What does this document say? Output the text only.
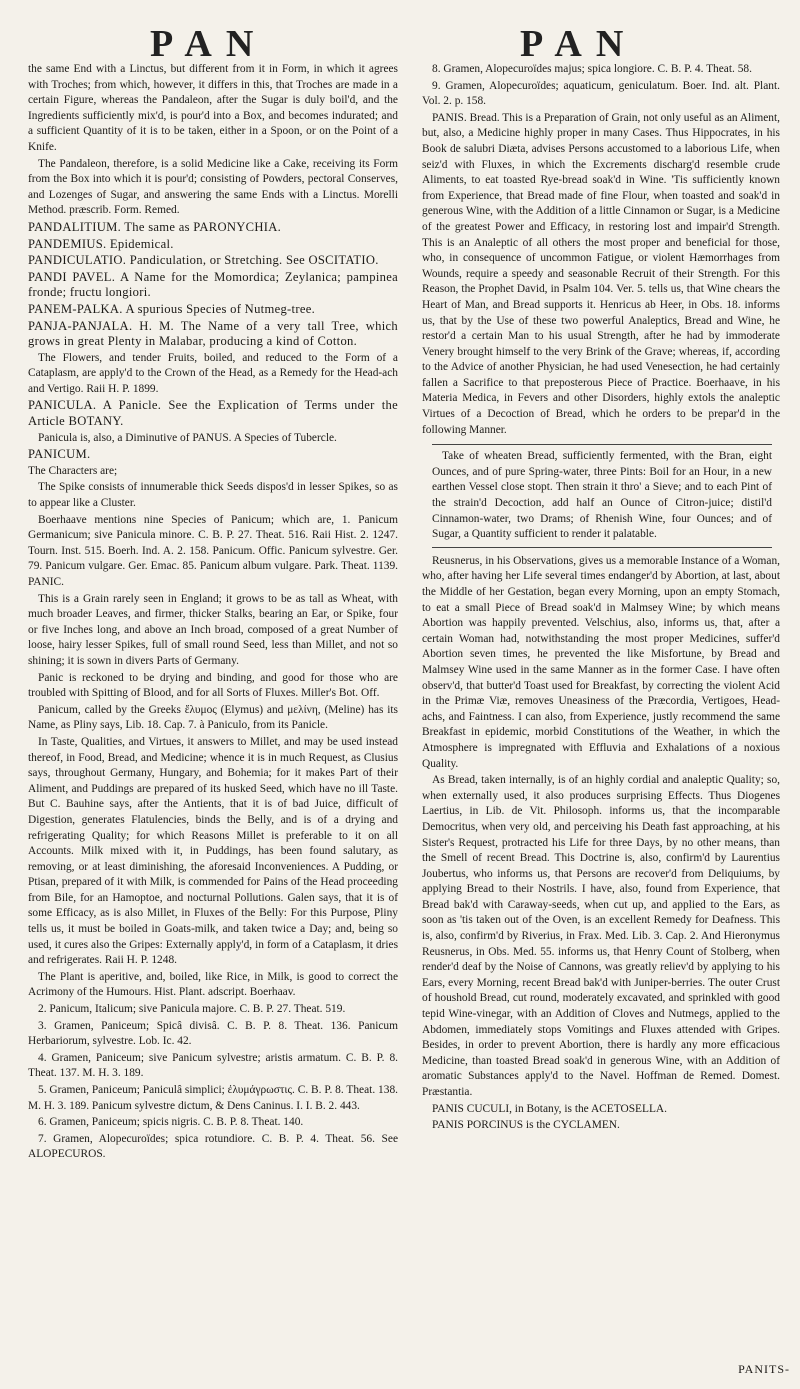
PAN	PAN

the same End with a Linctus, but different from it in Form, in which it agrees with Troches; from which, however, it differs in this, that Troches are made in a certain Figure, whereas the Pandaleon, after the Sugar is duly boil'd, and the Ingredients sufficiently mix'd, is pour'd into a Box, and becomes indurated; and a sufficient Quantity of it is to be taken, either in a Spoon, or on the Point of a Knife.

The Pandaleon, therefore, is a solid Medicine like a Cake, receiving its Form from the Box into which it is pour'd; consisting of Powders, pectoral Conserves, and Lozenges of Sugar, and answering the same Ends with a Linctus. Morelli Method. præscrib. Form. Remed.

PANDALITIUM. The same as PARONYCHIA.

PANDEMIUS. Epidemical.

PANDICULATIO. Pandiculation, or Stretching. See OSCITATIO.

PANDI PAVEL. A Name for the Momordica; Zeylanica; pampinea fronde; fructu longiori.

PANEM-PALKA. A spurious Species of Nutmeg-tree.

PANJA-PANJALA. H. M. The Name of a very tall Tree, which grows in great Plenty in Malabar, producing a kind of Cotton.

The Flowers, and tender Fruits, boiled, and reduced to the Form of a Cataplasm, are apply'd to the Crown of the Head, as a Remedy for the Head-ach and Vertigo. Raii H. P. 1899.

PANICULA. A Panicle. See the Explication of Terms under the Article BOTANY.

Panicula is, also, a Diminutive of PANUS. A Species of Tubercle.

PANICUM.

The Characters are;

The Spike consists of innumerable thick Seeds dispos'd in lesser Spikes, so as to appear like a Cluster.

Boerhaave mentions nine Species of Panicum; which are, 1. Panicum Germanicum; sive Panicula minore. C. B. P. 27. Theat. 516. Raii Hist. 2. 1247. Tourn. Inst. 515. Boerh. Ind. A. 2. 158. Panicum. Offic. Panicum sylvestre. Ger. 79. Panicum vulgare. Ger. Emac. 85. Panicum album vulgare. Park. Theat. 1139. PANIC.

This is a Grain rarely seen in England; it grows to be as tall as Wheat, with much broader Leaves, and firmer, thicker Stalks, bearing an Ear, or Spike, four or five Inches long, and above an Inch broad, composed of a great Number of loose, hairy lesser Spikes, full of small round Seed, less than Millet, and not so shining; it is sown in divers Parts of Germany.

Panic is reckoned to be drying and binding, and good for those who are troubled with Spitting of Blood, and for all Sorts of Fluxes. Miller's Bot. Off.

Panicum, called by the Greeks ἔλυμος (Elymus) and μελίνη, (Meline) has its Name, as Pliny says, Lib. 18. Cap. 7. à Paniculo, from its Panicle.

In Taste, Qualities, and Virtues, it answers to Millet, and may be used instead thereof, in Food, Bread, and Medicine; whence it is in much Request, as Clusius says, throughout Germany, Hungary, and Bohemia; for it makes Part of their Aliment, and Puddings are prepared of its husked Seed, which have no ill Taste. But C. Bauhine says, after the Antients, that it is of bad Juice, difficult of Digestion, generates Flatulencies, binds the Belly, and is of a drying and refrigerating Quality; for which Reasons Millet is preferable to it on all Accounts. Milk mixed with it, in Puddings, has been found salutary, as removing, or at least diminishing, the aforesaid Inconveniences. A Pudding, or Ptisan, prepared of it with Milk, is commended for Pains of the Head proceeding from Bile, for an Hamoptoe, and nocturnal Pollutions. Galen says, that it is of some Efficacy, as is also Millet, in Fluxes of the Belly: For this Purpose, Pliny tells us, it must be boiled in Goats-milk, and taken twice a Day; and, being so used, it cures also the Gripes: Externally apply'd, in form of a Cataplasm, it dries and refrigerates. Raii H. P. 1248.

The Plant is aperitive, and, boiled, like Rice, in Milk, is good to correct the Acrimony of the Humours. Hist. Plant. adscript. Boerhaav.

2. Panicum, Italicum; sive Panicula majore. C. B. P. 27. Theat. 519.

3. Gramen, Paniceum; Spicâ divisâ. C. B. P. 8. Theat. 136. Panicum Herbariorum, sylvestre. Lob. Ic. 42.

4. Gramen, Paniceum; sive Panicum sylvestre; aristis armatum. C. B. P. 8. Theat. 137. M. H. 3. 189.

5. Gramen, Paniceum; Paniculâ simplici; ἐλυμάγρωστις. C. B. P. 8. Theat. 138. M. H. 3. 189. Panicum sylvestre dictum, & Dens Caninus. I. I. B. 2. 443.

6. Gramen, Paniceum; spicis nigris. C. B. P. 8. Theat. 140.

7. Gramen, Alopecuroïdes; spica rotundiore. C. B. P. 4. Theat. 56. See ALOPECUROS.

8. Gramen, Alopecuroïdes majus; spica longiore. C. B. P. 4. Theat. 58.

9. Gramen, Alopecuroïdes; aquaticum, geniculatum. Boer. Ind. alt. Plant. Vol. 2. p. 158.

PANIS. Bread. This is a Preparation of Grain, not only useful as an Aliment, but, also, a Medicine highly proper in many Cases. Thus Hippocrates, in his Book de salubri Diæta, advises Persons accustomed to a laborious Life, when seiz'd with Fluxes, in which the Excrements discharg'd resemble crude Aliments, to eat toasted Rye-bread soak'd in Wine. 'Tis sufficiently known from Experience, that Bread made of fine Flour, when toasted and soak'd in generous Wine, with the Addition of a little Cinnamon or Sugar, is a Medicine of the greatest Power and Efficacy, in restoring lost and impair'd Strength. This is an Analeptic of all others the most proper and beneficial for those, who, in consequence of uncommon Fatigue, or violent Hæmorrhages from Wounds, require a speedy and seasonable Recruit of their Strength. For this Reason, the Prophet David, in Psalm 104. Ver. 5. tells us, that Wine chears the Heart of Man, and Bread supports it. Henricus ab Heer, in Obs. 18. informs us, that by the Use of these two powerful Analeptics, Bread and Wine, he restor'd a certain Man to his usual Strength, after he had by immoderate Venery brought himself to the very Brink of the Grave; whereas, if, according to the Advice of another Physician, he had used Venesection, he had certainly fallen a Sacrifice to that preposterous Piece of Practice. Boerhaave, in his Materia Medica, in Fevers and other Disorders, highly extols the analeptic Virtues of a Decoction of Bread, which he orders to be prepar'd in the following Manner.

Take of wheaten Bread, sufficiently fermented, with the Bran, eight Ounces, and of pure Spring-water, three Pints: Boil for an Hour, in a new earthen Vessel close stopt. Then strain it thro' a Sieve; and to each Pint of the strain'd Decoction, add half an Ounce of Citron-juice; distil'd Cinnamon-water, two Drams; of Rhenish Wine, four Ounces; and of Sugar, a Quantity sufficient to render it palatable.

Reusnerus, in his Observations, gives us a memorable Instance of a Woman, who, after having her Life several times endanger'd by Abortion, at last, about the Middle of her Gestation, began every Morning, upon an empty Stomach, to eat a small Piece of Bread soak'd in Malmsey Wine; by which means Abortion was happily prevented. Velschius, also, informs us, that, after a certain Woman had, notwithstanding the most proper Medicines, suffer'd Abortion seven times, he prevented the like Misfortune, by Bread and Malmsey Wine used in the same Manner as in the former Case. I have often observ'd, that butter'd Toast used for Breakfast, by correcting the violent Acid in the Primæ Viæ, removes Uneasiness of the Præcordia, Vertigoes, Head-achs, and Faintness. I can also, from Experience, justly recommend the same Breakfast in epidemic, morbid Constitutions of the Weather, in which the Atmosphere is impregnated with Effluvia and Exhalations of a noxious Quality.

As Bread, taken internally, is of an highly cordial and analeptic Quality; so, when externally used, it also produces surprising Effects. Thus Diogenes Laertius, in Lib. de Vit. Philosoph. informs us, that the incomparable Democritus, when very old, and perceiving his Death fast approaching, at his Sister's Request, protracted his Life for three Days, by no other means, than the Smell of recent Bread. This Doctrine is, also, confirm'd by Laurentius Joubertus, who informs us, that Persons are recover'd from Deliquiums, by applying Bread to their Nostrils. I have, also, found from Experience, that Bread bak'd with Caraway-seeds, when cut up, and applied to the Ears, as soon as 'tis taken out of the Oven, is an excellent Remedy for Deafness. This is, also, confirm'd by Riverius, in Frax. Med. Lib. 3. Cap. 2. And Hieronymus Reusnerus, in Obs. Med. 55. informs us, that Henry Count of Stolberg, when render'd deaf by the Noise of Cannons, was greatly reliev'd by applying to his Ears, every Morning, recent Bread bak'd with Juniper-berries. The outer Crust of houshold Bread, cut round, moderately excavated, and sprinkled with good tepid Wine-vinegar, with an Addition of Cloves and Nutmegs, applied to the Abdomen, immediately stops Vomitings and Fluxes attended with Gripes. Besides, in order to prevent Abortion, there is hardly any more efficacious Medicine, than toasted Bread soak'd in generous Wine, with an Addition of aromatic Substances apply'd to the Navel. Hoffman de Remed. Domest. Præstantia.

PANIS CUCULI, in Botany, is the ACETOSELLA.

PANIS PORCINUS is the CYCLAMEN.

PANITS-
